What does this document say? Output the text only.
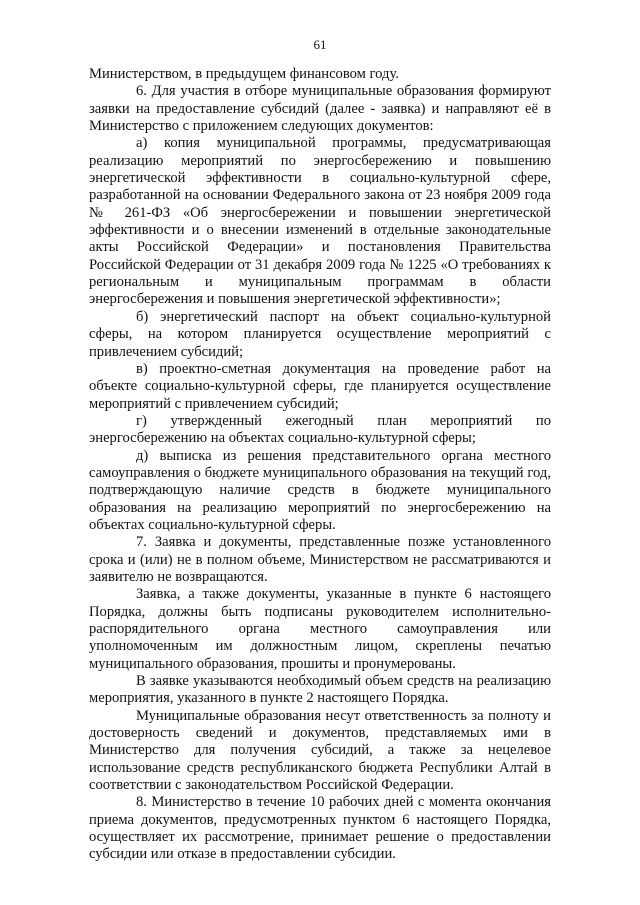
61

Министерством, в предыдущем финансовом году.

6. Для участия в отборе муниципальные образования формируют заявки на предоставление субсидий (далее - заявка) и направляют её в Министерство с приложением следующих документов:

а) копия муниципальной программы, предусматривающая реализацию мероприятий по энергосбережению и повышению энергетической эффективности в социально-культурной сфере, разработанной на основании Федерального закона от 23 ноября 2009 года № 261-ФЗ «Об энергосбережении и повышении энергетической эффективности и о внесении изменений в отдельные законодательные акты Российской Федерации» и постановления Правительства Российской Федерации от 31 декабря 2009 года № 1225 «О требованиях к региональным и муниципальным программам в области энергосбережения и повышения энергетической эффективности»;

б) энергетический паспорт на объект социально-культурной сферы, на котором планируется осуществление мероприятий с привлечением субсидий;

в) проектно-сметная документация на проведение работ на объекте социально-культурной сферы, где планируется осуществление мероприятий с привлечением субсидий;

г) утвержденный ежегодный план мероприятий по энергосбережению на объектах социально-культурной сферы;

д) выписка из решения представительного органа местного самоуправления о бюджете муниципального образования на текущий год, подтверждающую наличие средств в бюджете муниципального образования на реализацию мероприятий по энергосбережению на объектах социально-культурной сферы.

7. Заявка и документы, представленные позже установленного срока и (или) не в полном объеме, Министерством не рассматриваются и заявителю не возвращаются.

Заявка, а также документы, указанные в пункте 6 настоящего Порядка, должны быть подписаны руководителем исполнительно-распорядительного органа местного самоуправления или уполномоченным им должностным лицом, скреплены печатью муниципального образования, прошиты и пронумерованы.

В заявке указываются необходимый объем средств на реализацию мероприятия, указанного в пункте 2 настоящего Порядка.

Муниципальные образования несут ответственность за полноту и достоверность сведений и документов, представляемых ими в Министерство для получения субсидий, а также за нецелевое использование средств республиканского бюджета Республики Алтай в соответствии с законодательством Российской Федерации.

8. Министерство в течение 10 рабочих дней с момента окончания приема документов, предусмотренных пунктом 6 настоящего Порядка, осуществляет их рассмотрение, принимает решение о предоставлении субсидии или отказе в предоставлении субсидии.
